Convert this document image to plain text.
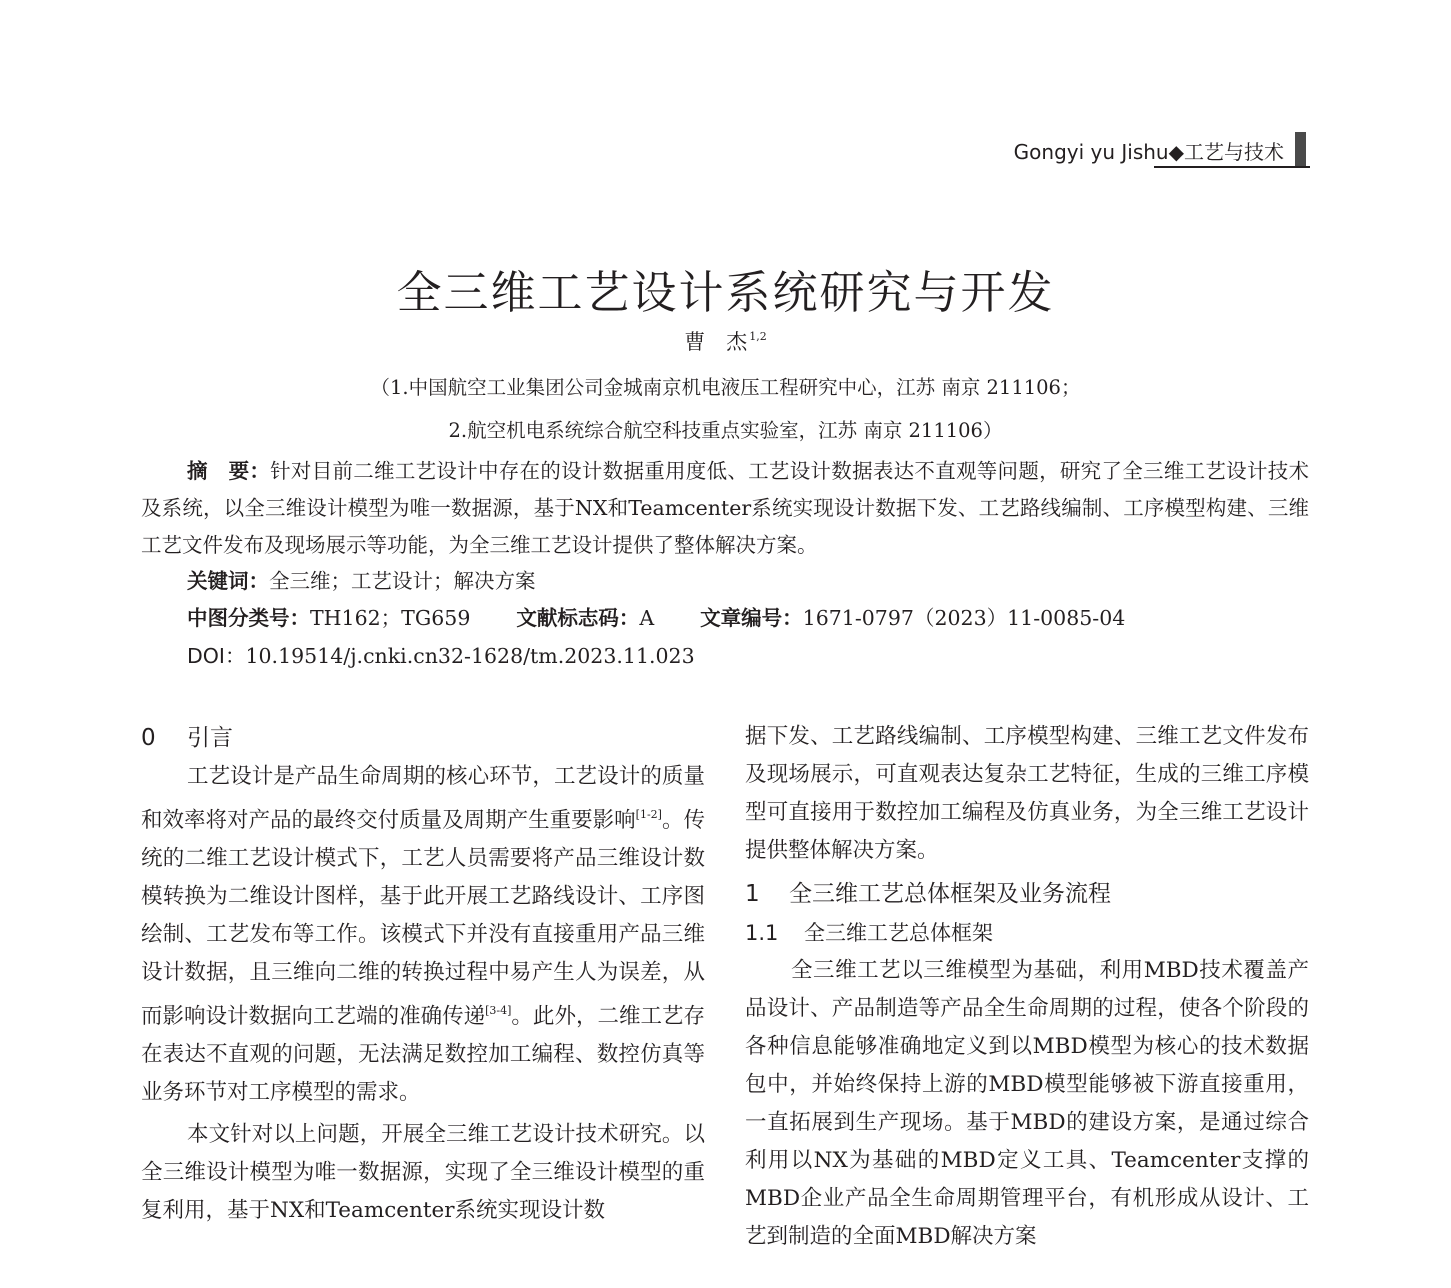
Gongyi yu Jishu◆工艺与技术
全三维工艺设计系统研究与开发
曹　杰 $^{1,2}$
（1.中国航空工业集团公司金城南京机电液压工程研究中心，江苏 南京 211106；
2.航空机电系统综合航空科技重点实验室，江苏 南京 211106）

摘　要：针对目前二维工艺设计中存在的设计数据重用度低、工艺设计数据表达不直观等问题，研究了全三维工艺设计技术及系统，以全三维设计模型为唯一数据源，基于NX和Teamcenter系统实现设计数据下发、工艺路线编制、工序模型构建、三维工艺文件发布及现场展示等功能，为全三维工艺设计提供了整体解决方案。

关键词：全三维；工艺设计；解决方案
中图分类号：TH162；TG659 文献标志码：A 文章编号：1671-0797（2023）11-0085-04
DOI：10.19514/j.cnki.cn32-1628/tm.2023.11.023
0 引言

工艺设计是产品生命周期的核心环节，工艺设计的质量和效率将对产品的最终交付质量及周期产生重要影响[1-2]。传统的二维工艺设计模式下，工艺人员需要将产品三维设计数模转换为二维设计图样，基于此开展工艺路线设计、工序图绘制、工艺发布等工作。该模式下并没有直接重用产品三维设计数据，且三维向二维的转换过程中易产生人为误差，从而影响设计数据向工艺端的准确传递[3-4]。此外，二维工艺存在表达不直观的问题，无法满足数控加工编程、数控仿真等业务环节对工序模型的需求。

本文针对以上问题，开展全三维工艺设计技术研究。以全三维设计模型为唯一数据源，实现了全三维设计模型的重复利用，基于NX和Teamcenter系统实现设计数

据下发、工艺路线编制、工序模型构建、三维工艺文件发布及现场展示，可直观表达复杂工艺特征，生成的三维工序模型可直接用于数控加工编程及仿真业务，为全三维工艺设计提供整体解决方案。

1 全三维工艺总体框架及业务流程
1.1 全三维工艺总体框架

全三维工艺以三维模型为基础，利用MBD技术覆盖产品设计、产品制造等产品全生命周期的过程，使各个阶段的各种信息能够准确地定义到以MBD模型为核心的技术数据包中，并始终保持上游的MBD模型能够被下游直接重用，一直拓展到生产现场。基于MBD的建设方案，是通过综合利用以NX为基础的MBD定义工具、Teamcenter支撑的MBD企业产品全生命周期管理平台，有机形成从设计、工艺到制造的全面MBD解决方案
